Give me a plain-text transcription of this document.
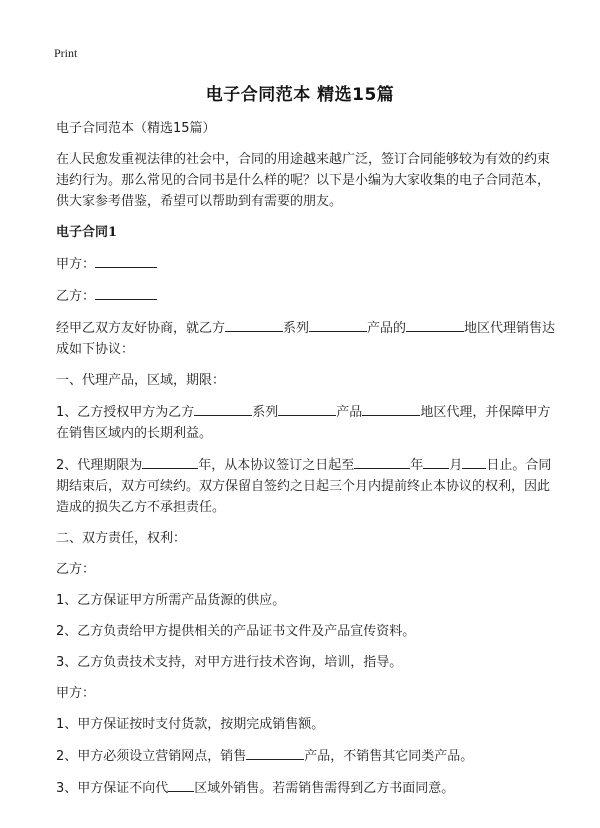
Print
电子合同范本 精选15篇

电子合同范本（精选15篇）

在人民愈发重视法律的社会中，合同的用途越来越广泛，签订合同能够较为有效的约束违约行为。那么常见的合同书是什么样的呢？以下是小编为大家收集的电子合同范本，供大家参考借鉴，希望可以帮助到有需要的朋友。

电子合同1

甲方：

乙方：

经甲乙双方友好协商，就乙方	系列	产品的	地区代理销售达成如下协议：

一、代理产品，区域，期限：

1、乙方授权甲方为乙方	系列	产品	地区代理，并保障甲方在销售区域内的长期利益。

2、代理期限为	年，从本协议签订之日起至	年 月 日止。合同期结束后，双方可续约。双方保留自签约之日起三个月内提前终止本协议的权利，因此造成的损失乙方不承担责任。

二、双方责任，权利：

乙方：

1、乙方保证甲方所需产品货源的供应。

2、乙方负责给甲方提供相关的产品证书文件及产品宣传资料。

3、乙方负责技术支持，对甲方进行技术咨询，培训，指导。

甲方：

1、甲方保证按时支付货款，按期完成销售额。

2、甲方必须设立营销网点，销售	产品，不销售其它同类产品。

3、甲方保证不向代 区域外销售。若需销售需得到乙方书面同意。
